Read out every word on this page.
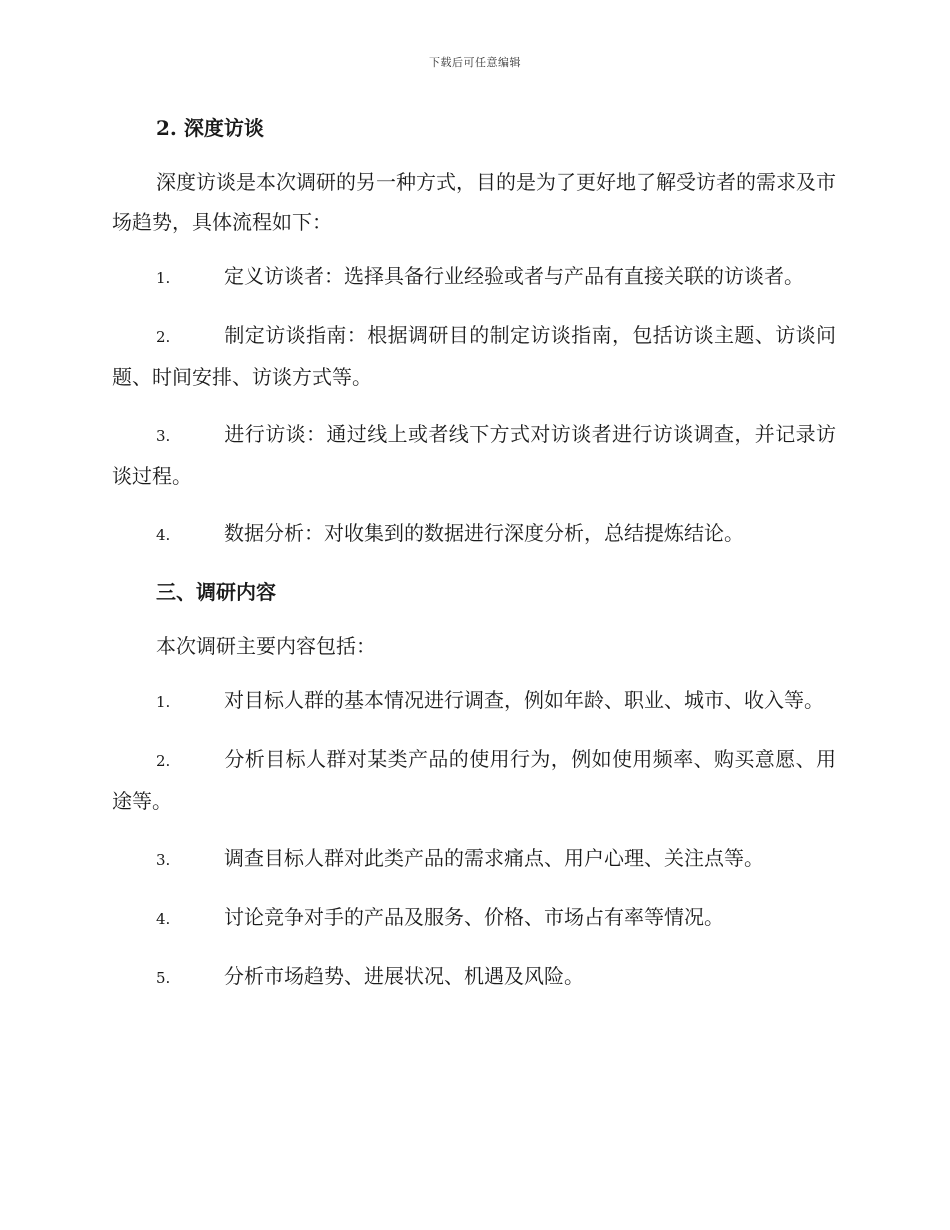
下载后可任意编辑
2. 深度访谈
深度访谈是本次调研的另一种方式，目的是为了更好地了解受访者的需求及市场趋势，具体流程如下：
1.	定义访谈者：选择具备行业经验或者与产品有直接关联的访谈者。
2.	制定访谈指南：根据调研目的制定访谈指南，包括访谈主题、访谈问题、时间安排、访谈方式等。
3.	进行访谈：通过线上或者线下方式对访谈者进行访谈调查，并记录访谈过程。
4.	数据分析：对收集到的数据进行深度分析，总结提炼结论。
三、调研内容
本次调研主要内容包括：
1.	对目标人群的基本情况进行调查，例如年龄、职业、城市、收入等。
2.	分析目标人群对某类产品的使用行为，例如使用频率、购买意愿、用途等。
3.	调查目标人群对此类产品的需求痛点、用户心理、关注点等。
4.	讨论竞争对手的产品及服务、价格、市场占有率等情况。
5.	分析市场趋势、进展状况、机遇及风险。
